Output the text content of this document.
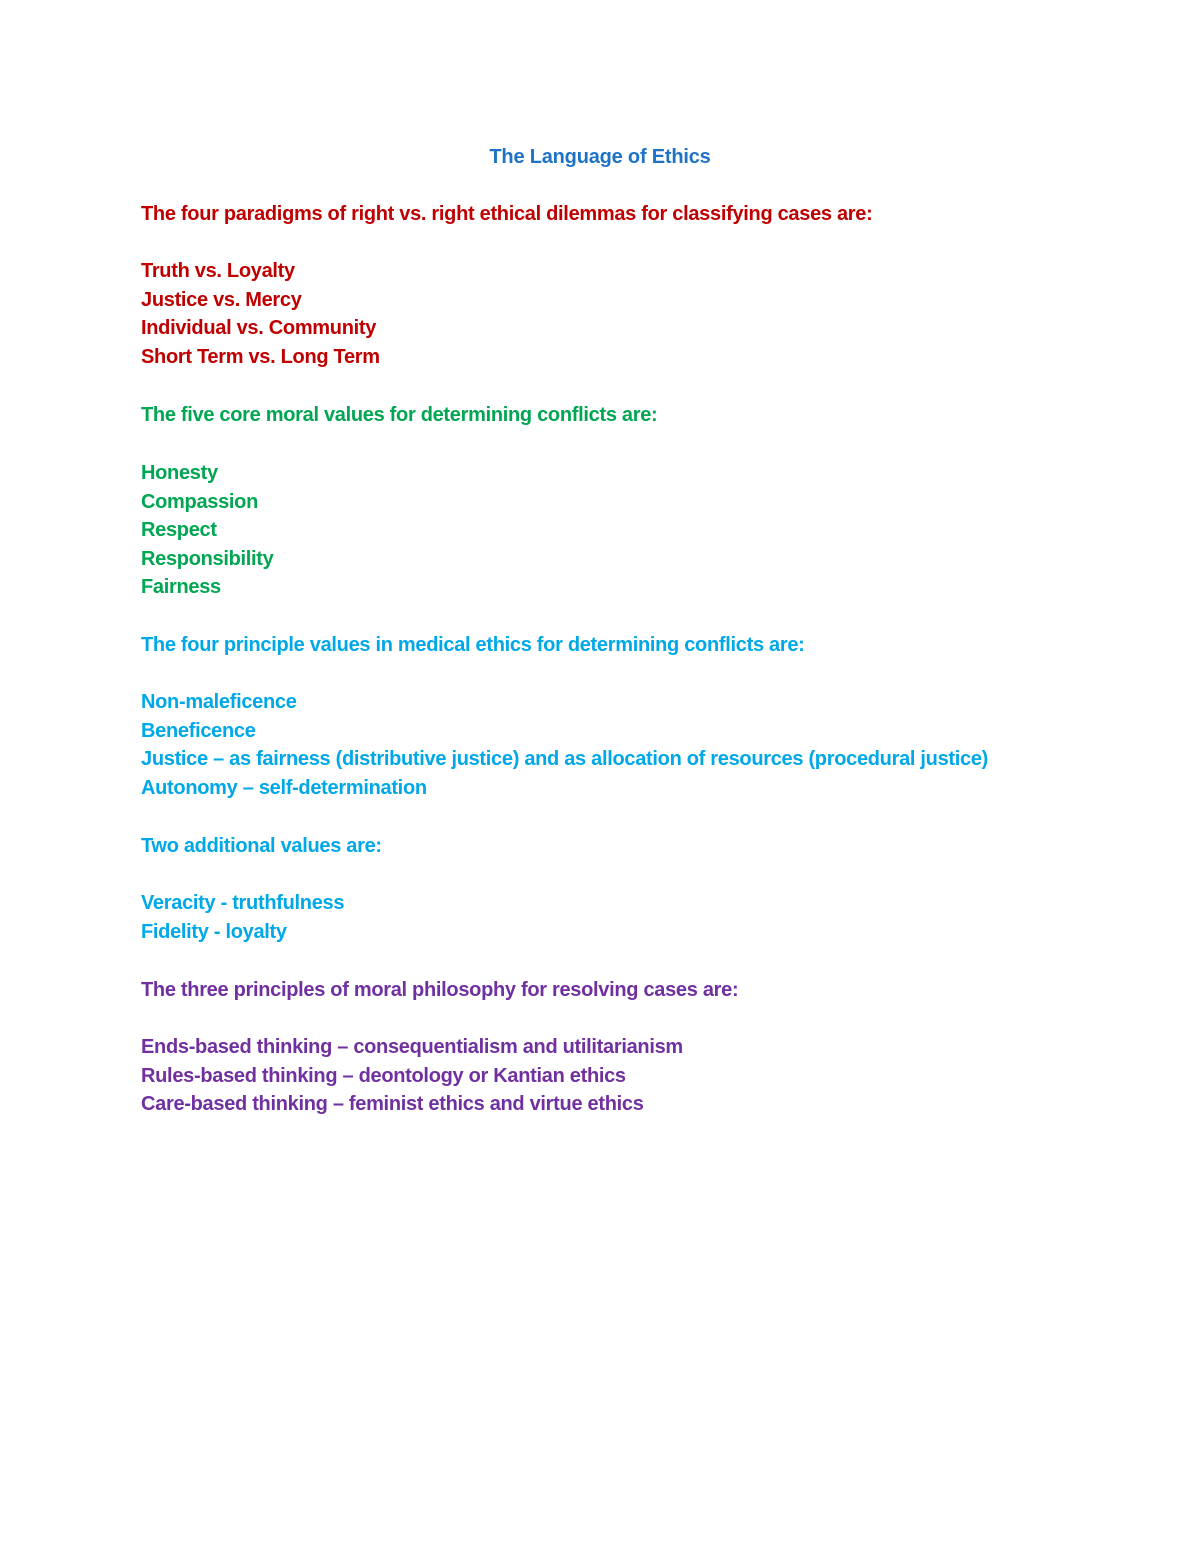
The Language of Ethics
The four paradigms of right vs. right ethical dilemmas for classifying cases are:
Truth vs. Loyalty
Justice vs. Mercy
Individual vs. Community
Short Term vs. Long Term
The five core moral values for determining conflicts are:
Honesty
Compassion
Respect
Responsibility
Fairness
The four principle values in medical ethics for determining conflicts are:
Non-maleficence
Beneficence
Justice – as fairness (distributive justice) and as allocation of resources (procedural justice)
Autonomy – self-determination
Two additional values are:
Veracity - truthfulness
Fidelity - loyalty
The three principles of moral philosophy for resolving cases are:
Ends-based thinking – consequentialism and utilitarianism
Rules-based thinking – deontology or Kantian ethics
Care-based thinking – feminist ethics and virtue ethics
